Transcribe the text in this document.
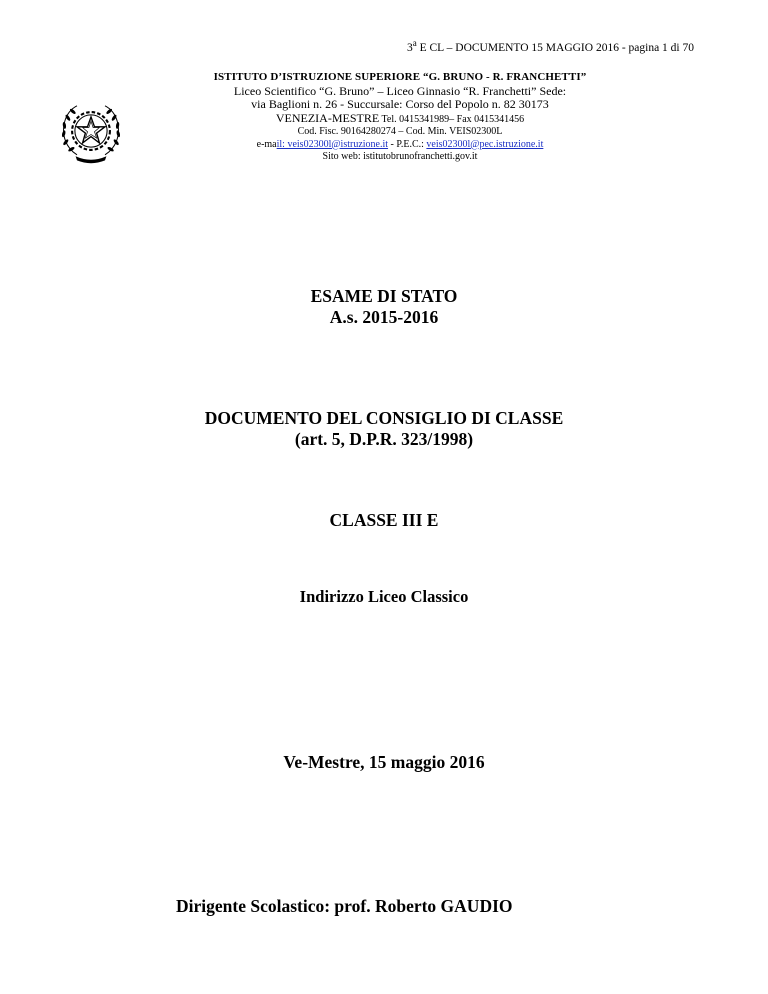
3$^a$ E CL – DOCUMENTO 15 MAGGIO 2016 - pagina 1 di 70
ISTITUTO D’ISTRUZIONE SUPERIORE “G. BRUNO - R. FRANCHETTI”
Liceo Scientifico “G. Bruno” – Liceo Ginnasio “R. Franchetti” Sede:
via Baglioni n. 26 - Succursale: Corso del Popolo n. 82 30173
VENEZIA-MESTRE Tel. 0415341989– Fax 0415341456
Cod. Fisc. 90164280274 – Cod. Min. VEIS02300L
e-mail: veis02300l@istruzione.it - P.E.C.: veis02300l@pec.istruzione.it
Sito web: istitutobrunofranchetti.gov.it
ESAME DI STATO
A.s. 2015-2016
DOCUMENTO DEL CONSIGLIO DI CLASSE
(art. 5, D.P.R. 323/1998)
CLASSE III E
Indirizzo Liceo Classico
Ve-Mestre, 15 maggio 2016
Dirigente Scolastico: prof. Roberto GAUDIO
